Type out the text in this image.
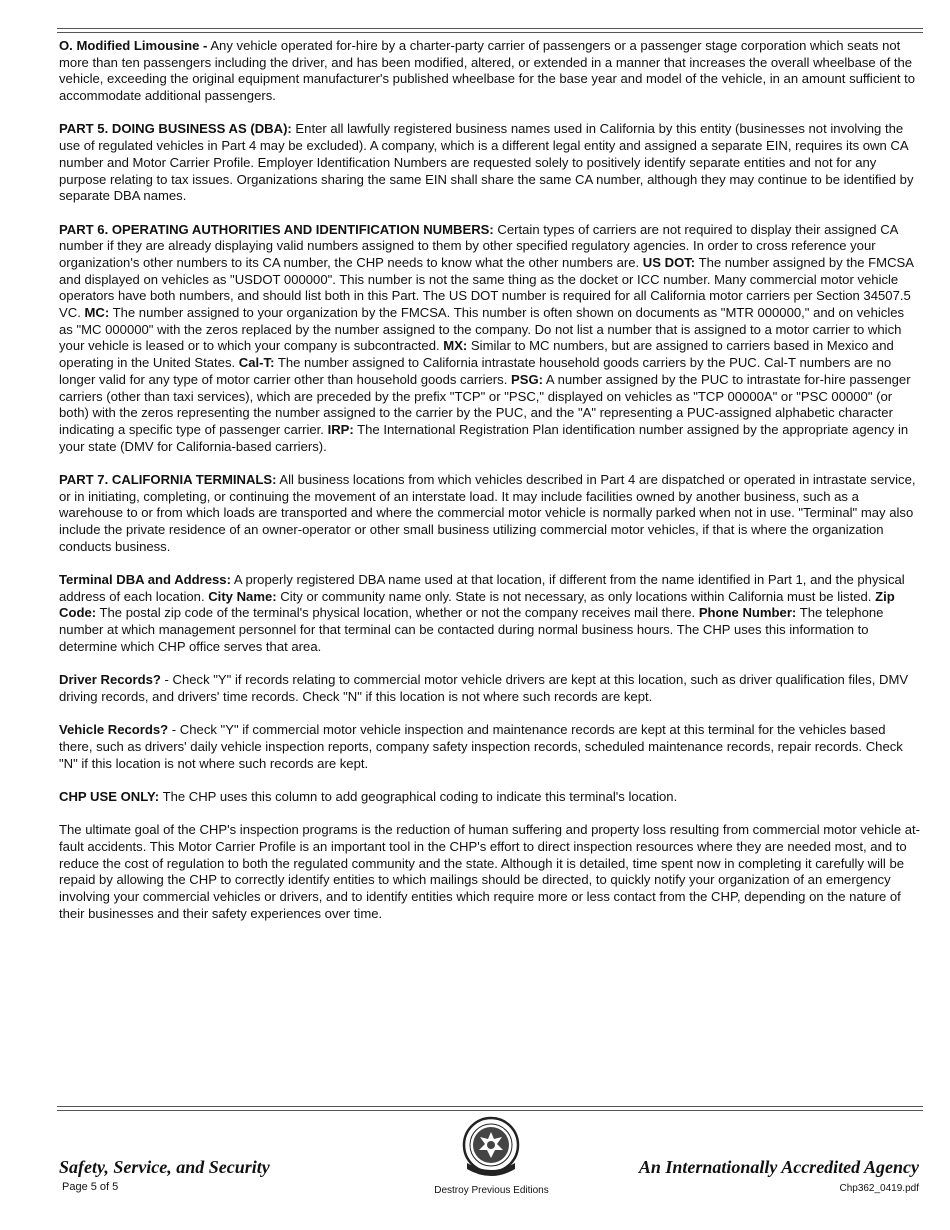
O. Modified Limousine - Any vehicle operated for-hire by a charter-party carrier of passengers or a passenger stage corporation which seats not more than ten passengers including the driver, and has been modified, altered, or extended in a manner that increases the overall wheelbase of the vehicle, exceeding the original equipment manufacturer's published wheelbase for the base year and model of the vehicle, in an amount sufficient to accommodate additional passengers.

PART 5. DOING BUSINESS AS (DBA): Enter all lawfully registered business names used in California by this entity (businesses not involving the use of regulated vehicles in Part 4 may be excluded). A company, which is a different legal entity and assigned a separate EIN, requires its own CA number and Motor Carrier Profile. Employer Identification Numbers are requested solely to positively identify separate entities and not for any purpose relating to tax issues. Organizations sharing the same EIN shall share the same CA number, although they may continue to be identified by separate DBA names.

PART 6. OPERATING AUTHORITIES AND IDENTIFICATION NUMBERS: Certain types of carriers are not required to display their assigned CA number if they are already displaying valid numbers assigned to them by other specified regulatory agencies. In order to cross reference your organization's other numbers to its CA number, the CHP needs to know what the other numbers are. US DOT: The number assigned by the FMCSA and displayed on vehicles as "USDOT 000000". This number is not the same thing as the docket or ICC number. Many commercial motor vehicle operators have both numbers, and should list both in this Part. The US DOT number is required for all California motor carriers per Section 34507.5 VC. MC: The number assigned to your organization by the FMCSA. This number is often shown on documents as "MTR 000000," and on vehicles as "MC 000000" with the zeros replaced by the number assigned to the company. Do not list a number that is assigned to a motor carrier to which your vehicle is leased or to which your company is subcontracted. MX: Similar to MC numbers, but are assigned to carriers based in Mexico and operating in the United States. Cal-T: The number assigned to California intrastate household goods carriers by the PUC. Cal-T numbers are no longer valid for any type of motor carrier other than household goods carriers. PSG: A number assigned by the PUC to intrastate for-hire passenger carriers (other than taxi services), which are preceded by the prefix "TCP" or "PSC," displayed on vehicles as "TCP 00000A" or "PSC 00000" (or both) with the zeros representing the number assigned to the carrier by the PUC, and the "A" representing a PUC-assigned alphabetic character indicating a specific type of passenger carrier. IRP: The International Registration Plan identification number assigned by the appropriate agency in your state (DMV for California-based carriers).

PART 7. CALIFORNIA TERMINALS: All business locations from which vehicles described in Part 4 are dispatched or operated in intrastate service, or in initiating, completing, or continuing the movement of an interstate load. It may include facilities owned by another business, such as a warehouse to or from which loads are transported and where the commercial motor vehicle is normally parked when not in use. "Terminal" may also include the private residence of an owner-operator or other small business utilizing commercial motor vehicles, if that is where the organization conducts business.

Terminal DBA and Address: A properly registered DBA name used at that location, if different from the name identified in Part 1, and the physical address of each location. City Name: City or community name only. State is not necessary, as only locations within California must be listed. Zip Code: The postal zip code of the terminal's physical location, whether or not the company receives mail there. Phone Number: The telephone number at which management personnel for that terminal can be contacted during normal business hours. The CHP uses this information to determine which CHP office serves that area.

Driver Records? - Check "Y" if records relating to commercial motor vehicle drivers are kept at this location, such as driver qualification files, DMV driving records, and drivers' time records. Check "N" if this location is not where such records are kept.

Vehicle Records? - Check "Y" if commercial motor vehicle inspection and maintenance records are kept at this terminal for the vehicles based there, such as drivers' daily vehicle inspection reports, company safety inspection records, scheduled maintenance records, repair records. Check "N" if this location is not where such records are kept.

CHP USE ONLY: The CHP uses this column to add geographical coding to indicate this terminal's location.

The ultimate goal of the CHP's inspection programs is the reduction of human suffering and property loss resulting from commercial motor vehicle at-fault accidents. This Motor Carrier Profile is an important tool in the CHP's effort to direct inspection resources where they are needed most, and to reduce the cost of regulation to both the regulated community and the state. Although it is detailed, time spent now in completing it carefully will be repaid by allowing the CHP to correctly identify entities to which mailings should be directed, to quickly notify your organization of an emergency involving your commercial vehicles or drivers, and to identify entities which require more or less contact from the CHP, depending on the nature of their businesses and their safety experiences over time.

Safety, Service, and Security
Page 5 of 5	Destroy Previous Editions
An Internationally Accredited Agency
Chp362_0419.pdf
